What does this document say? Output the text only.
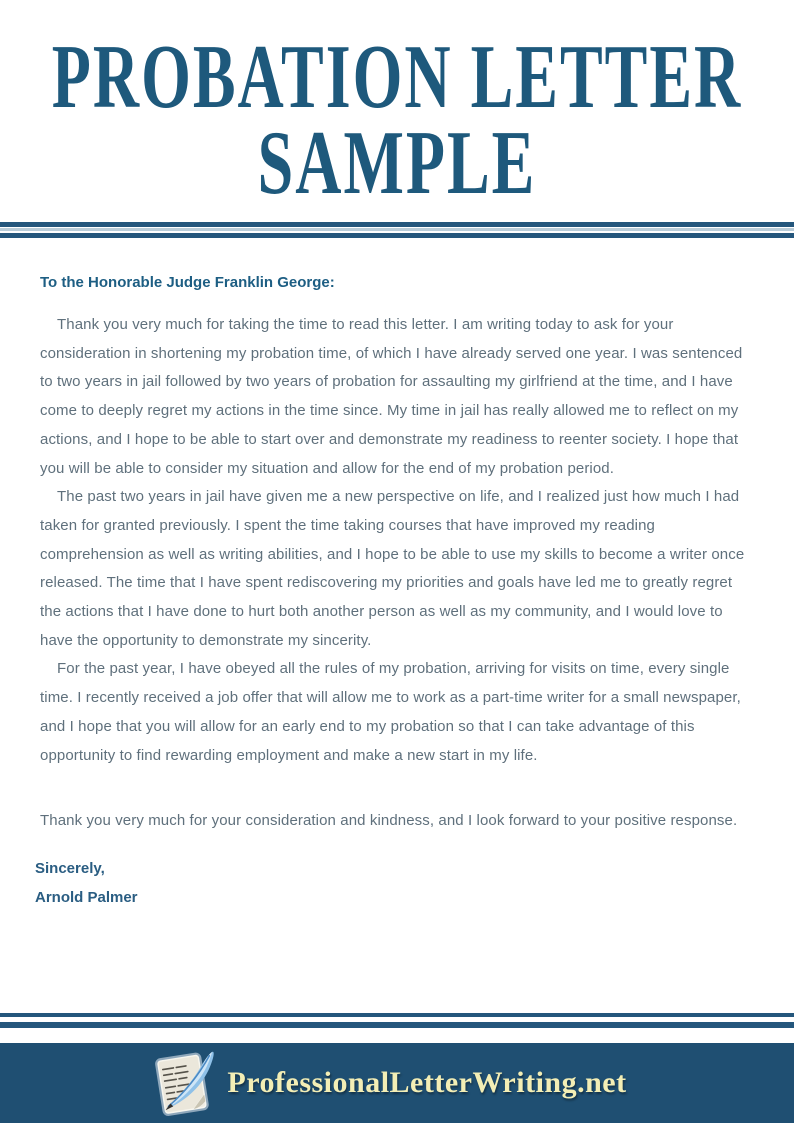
PROBATION LETTER
SAMPLE
To the Honorable Judge Franklin George:

Thank you very much for taking the time to read this letter. I am writing today to ask for your consideration in shortening my probation time, of which I have already served one year. I was sentenced to two years in jail followed by two years of probation for assaulting my girlfriend at the time, and I have come to deeply regret my actions in the time since. My time in jail has really allowed me to reflect on my actions, and I hope to be able to start over and demonstrate my readiness to reenter society. I hope that you will be able to consider my situation and allow for the end of my probation period.

The past two years in jail have given me a new perspective on life, and I realized just how much I had taken for granted previously. I spent the time taking courses that have improved my reading comprehension as well as writing abilities, and I hope to be able to use my skills to become a writer once released. The time that I have spent rediscovering my priorities and goals have led me to greatly regret the actions that I have done to hurt both another person as well as my community, and I would love to have the opportunity to demonstrate my sincerity.

For the past year, I have obeyed all the rules of my probation, arriving for visits on time, every single time. I recently received a job offer that will allow me to work as a part-time writer for a small newspaper, and I hope that you will allow for an early end to my probation so that I can take advantage of this opportunity to find rewarding employment and make a new start in my life.

Thank you very much for your consideration and kindness, and I look forward to your positive response.

Sincerely,
Arnold Palmer
ProfessionalLetterWriting.net
